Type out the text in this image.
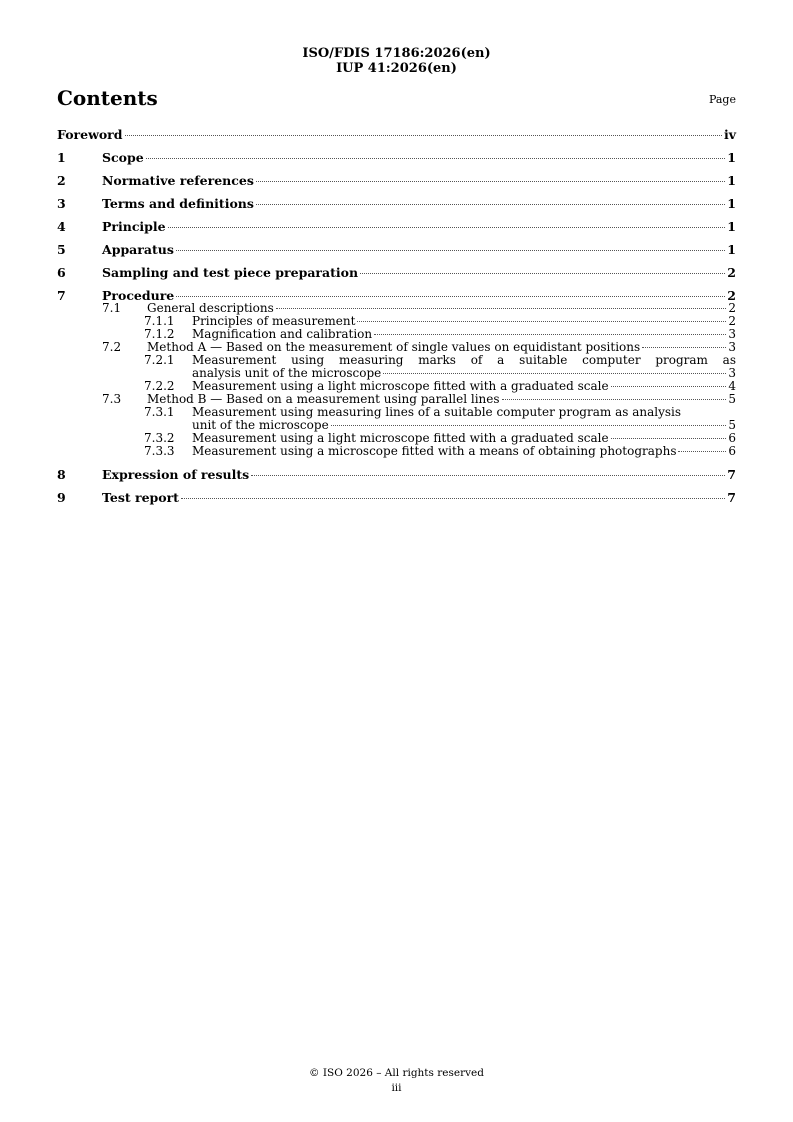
ISO/FDIS 17186:2026(en)
IUP 41:2026(en)
Contents	Page
Foreword	iv
1	Scope	1
2	Normative references	1
3	Terms and definitions	1
4	Principle	1
5	Apparatus	1
6	Sampling and test piece preparation	2
7	Procedure	2
7.1	General descriptions	2
7.1.1	Principles of measurement	2
7.1.2	Magnification and calibration	3
7.2	Method A — Based on the measurement of single values on equidistant positions	3
7.2.1	Measurement using measuring marks of a suitable computer program as
analysis unit of the microscope	3
7.2.2	Measurement using a light microscope fitted with a graduated scale	4
7.3	Method B — Based on a measurement using parallel lines	5
7.3.1	Measurement using measuring lines of a suitable computer program as analysis
unit of the microscope	5
7.3.2	Measurement using a light microscope fitted with a graduated scale	6
7.3.3	Measurement using a microscope fitted with a means of obtaining photographs	6
8	Expression of results	7
9	Test report	7
© ISO 2026 – All rights reserved
iii
